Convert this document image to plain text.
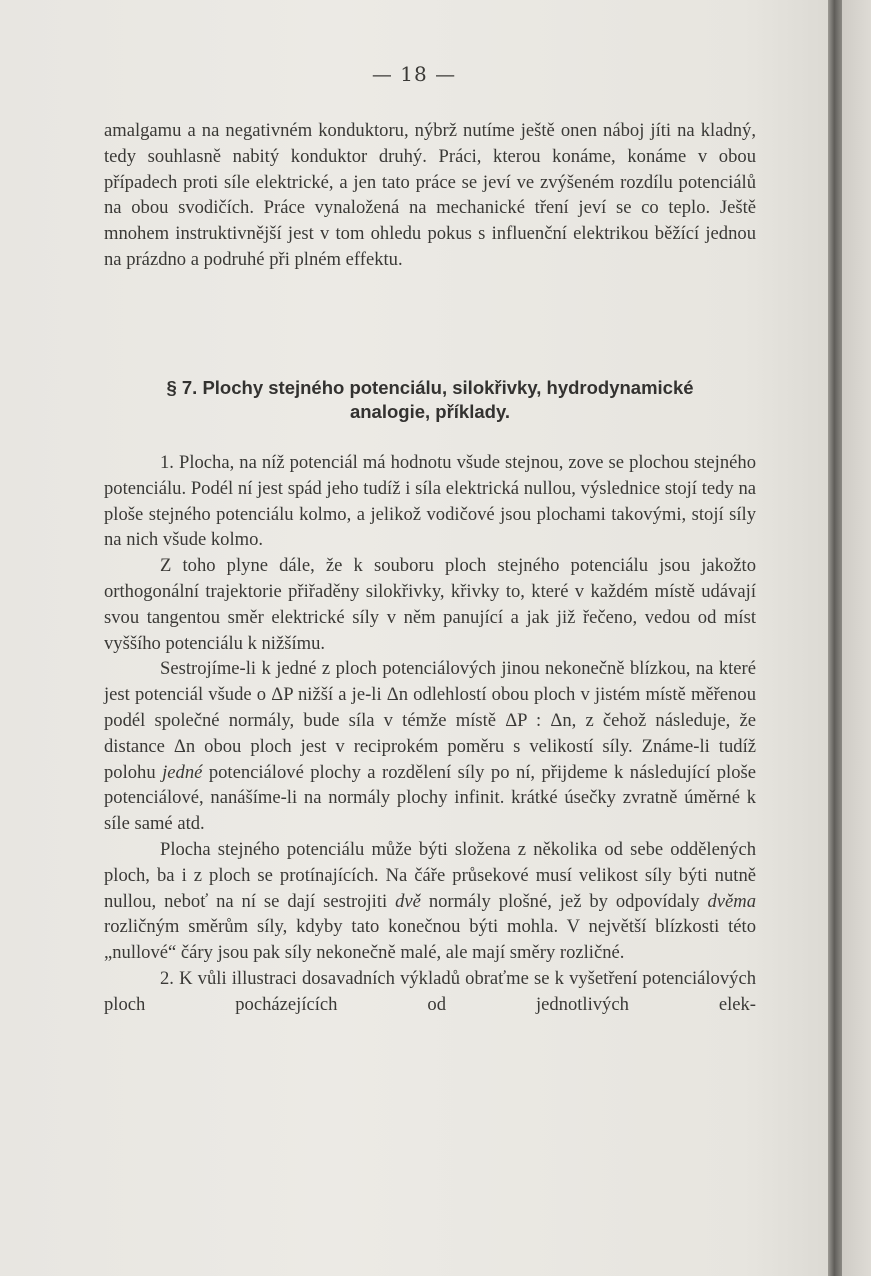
— 18 —

amalgamu a na negativném konduktoru, nýbrž nutíme ještě onen náboj jíti na kladný, tedy souhlasně nabitý konduktor druhý. Práci, kterou konáme, konáme v obou případech proti síle elektrické, a jen tato práce se jeví ve zvýšeném rozdílu potenciálů na obou svodičích. Práce vynaložená na mechanické tření jeví se co teplo. Ještě mnohem instruktivnější jest v tom ohledu pokus s influenční elektrikou běžící jednou na prázdno a podruhé při plném effektu.

§ 7. Plochy stejného potenciálu, silokřivky, hydrodynamické
analogie, příklady.

1. Plocha, na níž potenciál má hodnotu všude stejnou, zove se plochou stejného potenciálu. Podél ní jest spád jeho tudíž i síla elektrická nullou, výslednice stojí tedy na ploše stejného potenciálu kolmo, a jelikož vodičové jsou plochami takovými, stojí síly na nich všude kolmo.

Z toho plyne dále, že k souboru ploch stejného potenciálu jsou jakožto orthogonální trajektorie přiřaděny silokřivky, křivky to, které v každém místě udávají svou tangentou směr elektrické síly v něm panující a jak již řečeno, vedou od míst vyššího potenciálu k nižšímu.

Sestrojíme-li k jedné z ploch potenciálových jinou nekonečně blízkou, na které jest potenciál všude o ΔP nižší a je-li Δn odlehlostí obou ploch v jistém místě měřenou podél společné normály, bude síla v témže místě ΔP : Δn, z čehož následuje, že distance Δn obou ploch jest v reciprokém poměru s velikostí síly. Známe-li tudíž polohu jedné potenciálové plochy a rozdělení síly po ní, přijdeme k následující ploše potenciálové, nanášíme-li na normály plochy infinit. krátké úsečky zvratně úměrné k síle samé atd.

Plocha stejného potenciálu může býti složena z několika od sebe oddělených ploch, ba i z ploch se protínajících. Na čáře průsekové musí velikost síly býti nutně nullou, neboť na ní se dají sestrojiti dvě normály plošné, jež by odpovídaly dvěma rozličným směrům síly, kdyby tato konečnou býti mohla. V největší blízkosti této „nullové“ čáry jsou pak síly nekonečně malé, ale mají směry rozličné.

2. K vůli illustraci dosavadních výkladů obraťme se k vyšetření potenciálových ploch pocházejících od jednotlivých elek-
